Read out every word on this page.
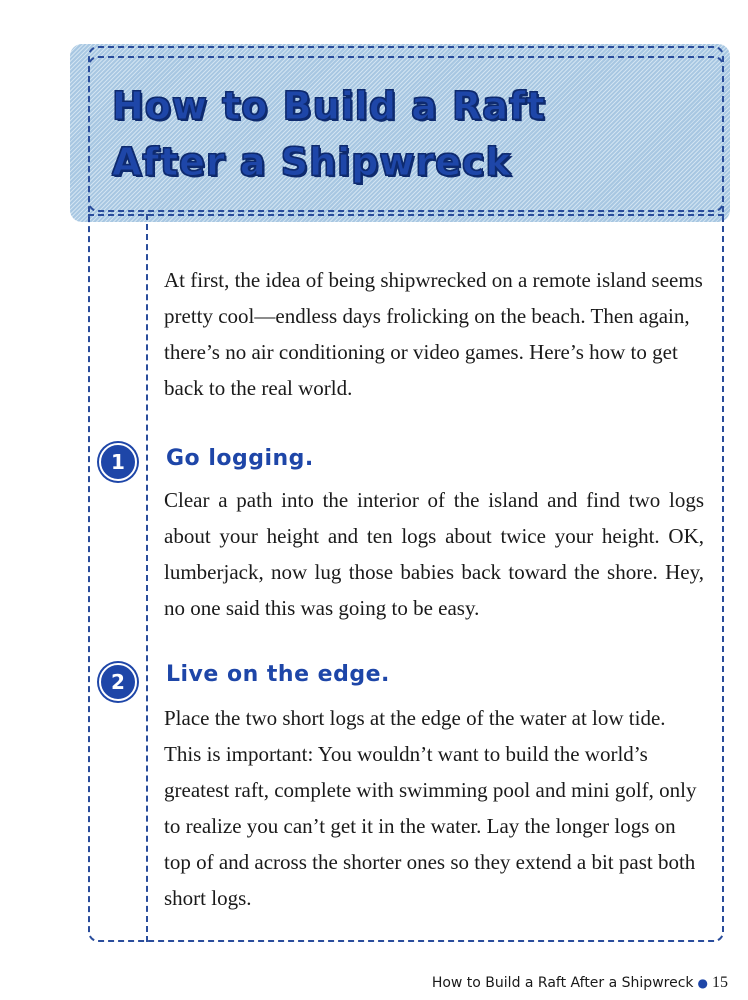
How to Build a Raft
After a Shipwreck

At first, the idea of being shipwrecked on a remote island seems pretty cool—endless days frolicking on the beach. Then again, there’s no air conditioning or video games. Here’s how to get back to the real world.

1	Go logging.

Clear a path into the interior of the island and find two logs about your height and ten logs about twice your height. OK, lumberjack, now lug those babies back toward the shore. Hey, no one said this was going to be easy.

2	Live on the edge.

Place the two short logs at the edge of the water at low tide. This is important: You wouldn’t want to build the world’s greatest raft, complete with swimming pool and mini golf, only to realize you can’t get it in the water. Lay the longer logs on top of and across the shorter ones so they extend a bit past both short logs.

How to Build a Raft After a Shipwreck ● 15
